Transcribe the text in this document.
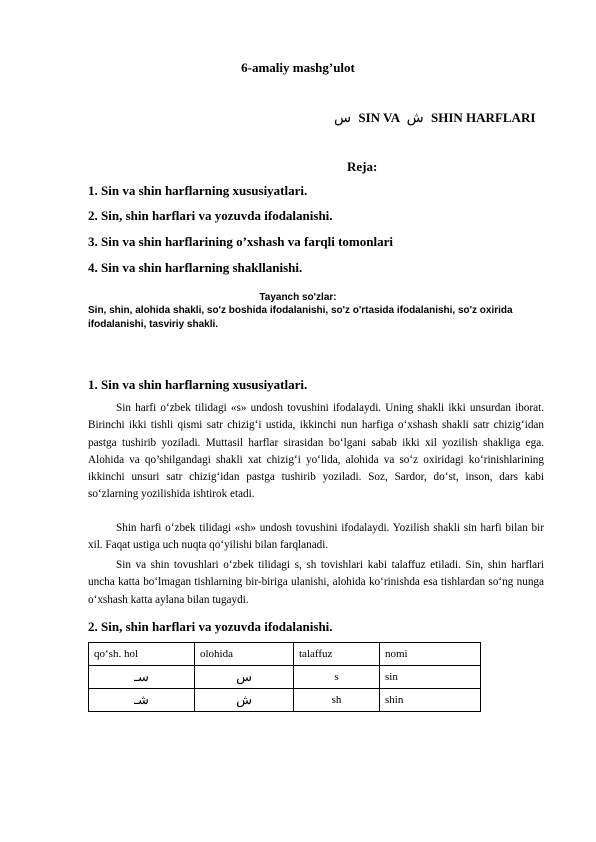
6-amaliy mashg’ulot
س SIN VA ش SHIN HARFLARI
Reja:
1. Sin va shin harflarning xususiyatlari.
2. Sin, shin harflari va yozuvda ifodalanishi.
3. Sin va shin harflarining o’xshash va farqli tomonlari
4. Sin va shin harflarning shakllanishi.
Tayanch so'zlar:
Sin, shin, alohida shakli, so'z boshida ifodalanishi, so'z o'rtasida ifodalanishi, so'z oxirida ifodalanishi, tasviriy shakli.
1. Sin va shin harflarning xususiyatlari.
Sin harfi o‘zbek tilidagi «s» undosh tovushini ifodalaydi. Uning shakli ikki unsurdan iborat. Birinchi ikki tishli qismi satr chizig‘i ustida, ikkinchi nun harfiga o‘xshash shakli satr chizig‘idan pastga tushirib yoziladi. Muttasil harflar sirasidan bo‘lgani sabab ikki xil yozilish shakliga ega. Alohida va qo’shilgandagi shakli xat chizig‘i yo‘lida, alohida va so‘z oxiridagi ko‘rinishlarining ikkinchi unsuri satr chizig‘idan pastga tushirib yoziladi. Soz, Sardor, do‘st, inson, dars kabi so‘zlarning yozilishida ishtirok etadi.
Shin harfi o‘zbek tilidagi «sh» undosh tovushini ifodalaydi. Yozilish shakli sin harfi bilan bir xil. Faqat ustiga uch nuqta qo‘yilishi bilan farqlanadi.
Sin va shin tovushlari o‘zbek tilidagi s, sh tovishlari kabi talaffuz etiladi. Sin, shin harflari uncha katta bo‘lmagan tishlarning bir-biriga ulanishi, alohida ko‘rinishda esa tishlardan so‘ng nunga o‘xshash katta aylana bilan tugaydi.
2. Sin, shin harflari va yozuvda ifodalanishi.
qo‘sh. hol	olohida	talaffuz	nomi
سـ	س	s	sin
شـ	ش	sh	shin
